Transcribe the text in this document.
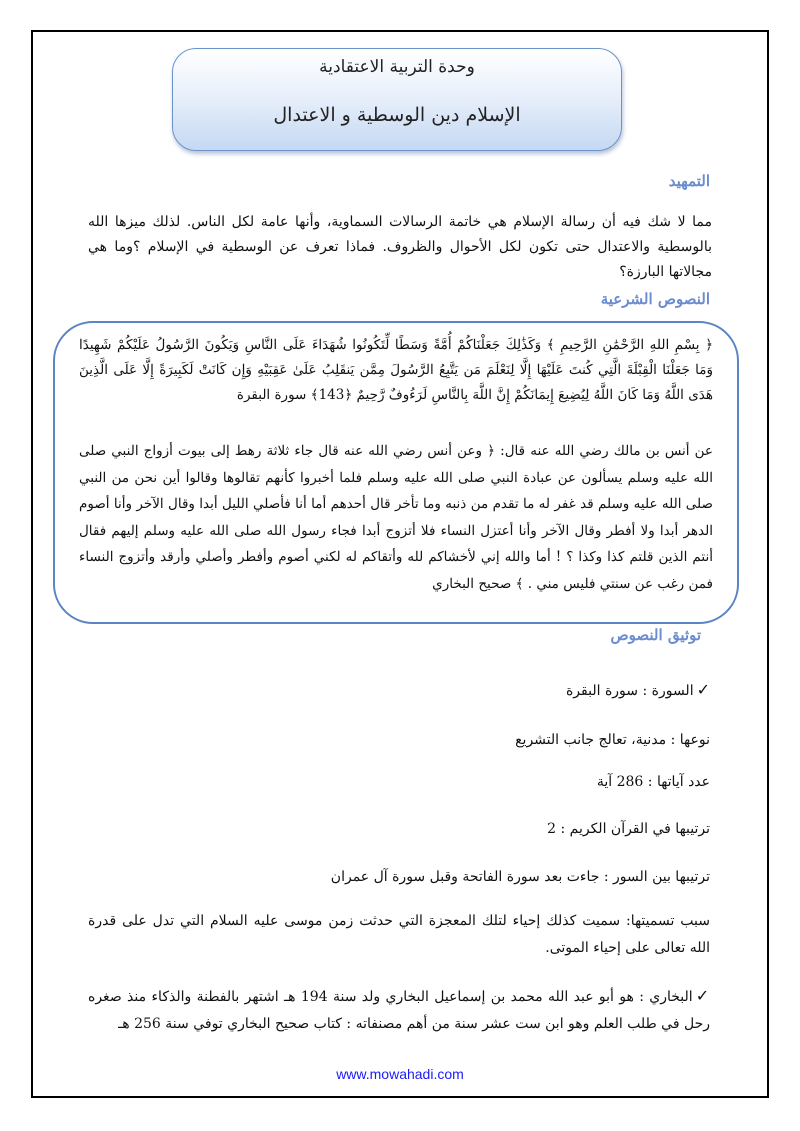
وحدة التربية الاعتقادية
الإسلام دين الوسطية و الاعتدال
التمهيد
مما لا شك فيه أن رسالة الإسلام هي خاتمة الرسالات السماوية، وأنها عامة لكل الناس. لذلك ميزها الله بالوسطية والاعتدال حتى تكون لكل الأحوال والظروف. فماذا تعرف عن الوسطية في الإسلام ؟وما هي مجالاتها البارزة؟
النصوص الشرعية
﴿ بِسْمِ اللهِ الرَّحْمَٰنِ الرَّحِيمِ ﴾ وَكَذَٰلِكَ جَعَلْنَاكُمْ أُمَّةً وَسَطًا لِّتَكُونُوا شُهَدَاءَ عَلَى النَّاسِ وَيَكُونَ الرَّسُولُ عَلَيْكُمْ شَهِيدًا وَمَا جَعَلْنَا الْقِبْلَةَ الَّتِي كُنتَ عَلَيْهَا إِلَّا لِنَعْلَمَ مَن يَتَّبِعُ الرَّسُولَ مِمَّن يَنقَلِبُ عَلَىٰ عَقِبَيْهِ وَإِن كَانَتْ لَكَبِيرَةً إِلَّا عَلَى الَّذِينَ هَدَى اللَّهُ وَمَا كَانَ اللَّهُ لِيُضِيعَ إِيمَانَكُمْ إِنَّ اللَّهَ بِالنَّاسِ لَرَءُوفٌ رَّحِيمٌ ﴿143﴾ سورة البقرة
عن أنس بن مالك رضي الله عنه قال: ﴿ وعن أنس رضي الله عنه قال جاء ثلاثة رهط إلى بيوت أزواج النبي صلى الله عليه وسلم يسألون عن عبادة النبي صلى الله عليه وسلم فلما أخبروا كأنهم تقالوها وقالوا أين نحن من النبي صلى الله عليه وسلم قد غفر له ما تقدم من ذنبه وما تأخر قال أحدهم أما أنا فأصلي الليل أبدا وقال الآخر وأنا أصوم الدهر أبدا ولا أفطر وقال الآخر وأنا أعتزل النساء فلا أتزوج أبدا فجاء رسول الله صلى الله عليه وسلم إليهم فقال أنتم الذين قلتم كذا وكذا ؟ ! أما والله إني لأخشاكم لله وأتقاكم له لكني أصوم وأفطر وأصلي وأرقد وأتزوج النساء فمن رغب عن سنتي فليس مني . ﴾ صحيح البخاري
توثيق النصوص
✓السورة : سورة البقرة
نوعها : مدنية، تعالج جانب التشريع
عدد آياتها : 286 آية
ترتيبها في القرآن الكريم : 2
ترتيبها بين السور : جاءت بعد سورة الفاتحة وقبل سورة آل عمران
سبب تسميتها: سميت كذلك إحياء لتلك المعجزة التي حدثت زمن موسى عليه السلام التي تدل على قدرة الله تعالى على إحياء الموتى.
✓البخاري : هو أبو عبد الله محمد بن إسماعيل البخاري ولد سنة 194 هـ اشتهر بالفطنة والذكاء منذ صغره رحل في طلب العلم وهو ابن ست عشر سنة من أهم مصنفاته : كتاب صحيح البخاري توفي سنة 256 هـ
www.mowahadi.com
